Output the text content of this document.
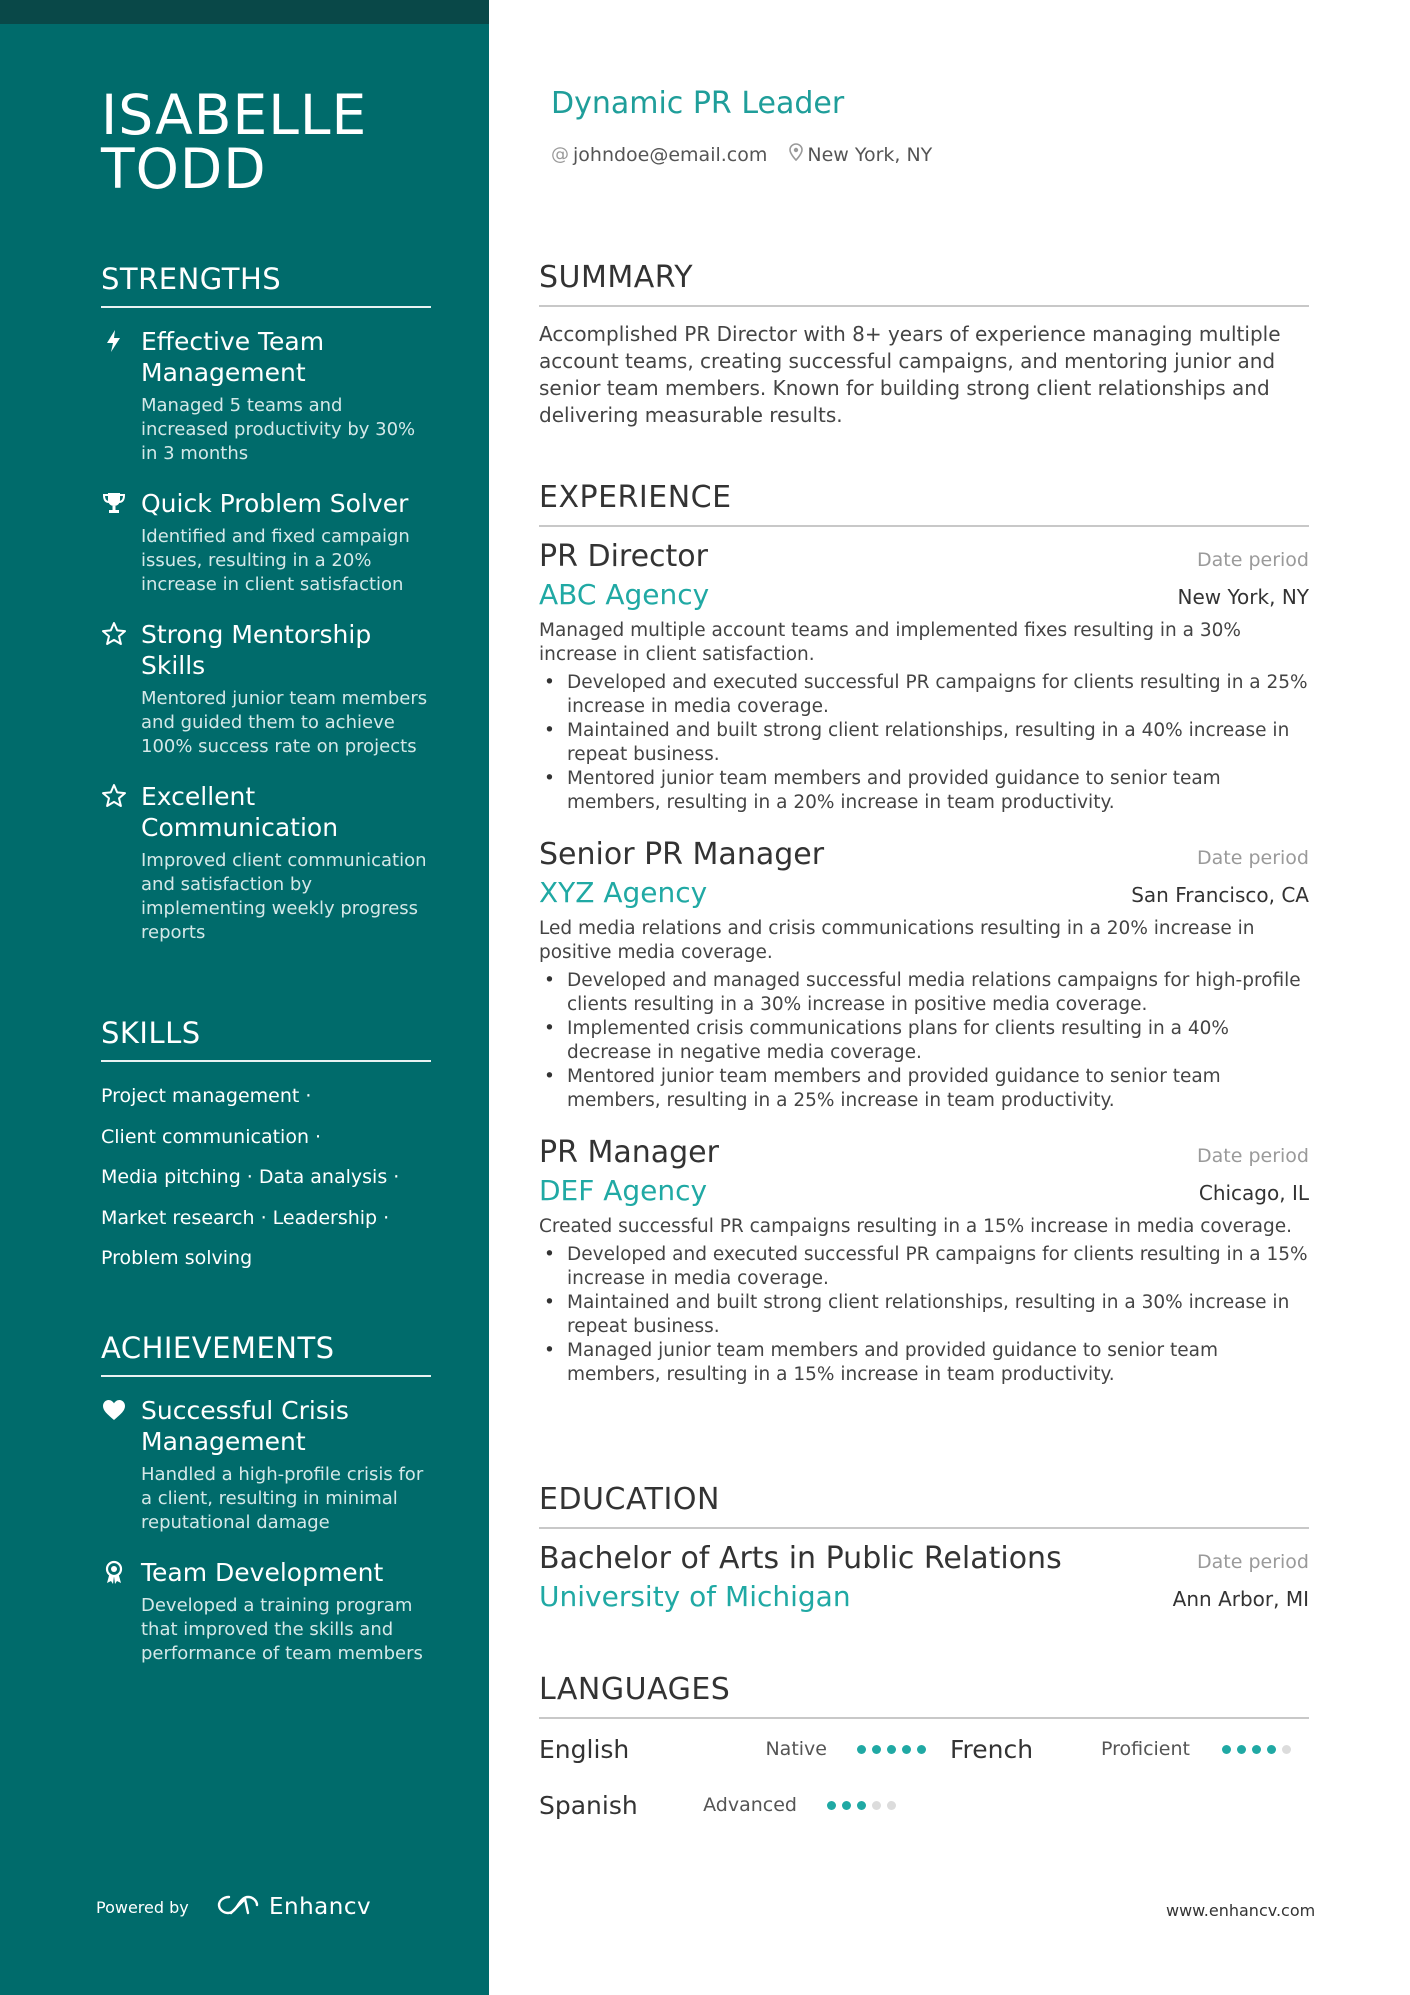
ISABELLE TODD
STRENGTHS
Effective Team Management
Managed 5 teams and increased productivity by 30% in 3 months
Quick Problem Solver
Identified and fixed campaign issues, resulting in a 20% increase in client satisfaction
Strong Mentorship Skills
Mentored junior team members and guided them to achieve 100% success rate on projects
Excellent Communication
Improved client communication and satisfaction by implementing weekly progress reports
SKILLS
Project management ·
Client communication ·
Media pitching · Data analysis ·
Market research · Leadership ·
Problem solving
ACHIEVEMENTS
Successful Crisis Management
Handled a high-profile crisis for a client, resulting in minimal reputational damage
Team Development
Developed a training program that improved the skills and performance of team members
Powered by	Enhancv
Dynamic PR Leader
@ johndoe@email.com New York, NY
SUMMARY
Accomplished PR Director with 8+ years of experience managing multiple account teams, creating successful campaigns, and mentoring junior and senior team members. Known for building strong client relationships and delivering measurable results.
EXPERIENCE
PR Director	Date period
ABC Agency	New York, NY
Managed multiple account teams and implemented fixes resulting in a 30% increase in client satisfaction.
• Developed and executed successful PR campaigns for clients resulting in a 25% increase in media coverage.
• Maintained and built strong client relationships, resulting in a 40% increase in repeat business.
• Mentored junior team members and provided guidance to senior team members, resulting in a 20% increase in team productivity.
Senior PR Manager	Date period
XYZ Agency	San Francisco, CA
Led media relations and crisis communications resulting in a 20% increase in positive media coverage.
• Developed and managed successful media relations campaigns for high-profile clients resulting in a 30% increase in positive media coverage.
• Implemented crisis communications plans for clients resulting in a 40% decrease in negative media coverage.
• Mentored junior team members and provided guidance to senior team members, resulting in a 25% increase in team productivity.
PR Manager	Date period
DEF Agency	Chicago, IL
Created successful PR campaigns resulting in a 15% increase in media coverage.
• Developed and executed successful PR campaigns for clients resulting in a 15% increase in media coverage.
• Maintained and built strong client relationships, resulting in a 30% increase in repeat business.
• Managed junior team members and provided guidance to senior team members, resulting in a 15% increase in team productivity.
EDUCATION
Bachelor of Arts in Public Relations	Date period
University of Michigan	Ann Arbor, MI
LANGUAGES
English	Native	French	Proficient
Spanish	Advanced
www.enhancv.com
